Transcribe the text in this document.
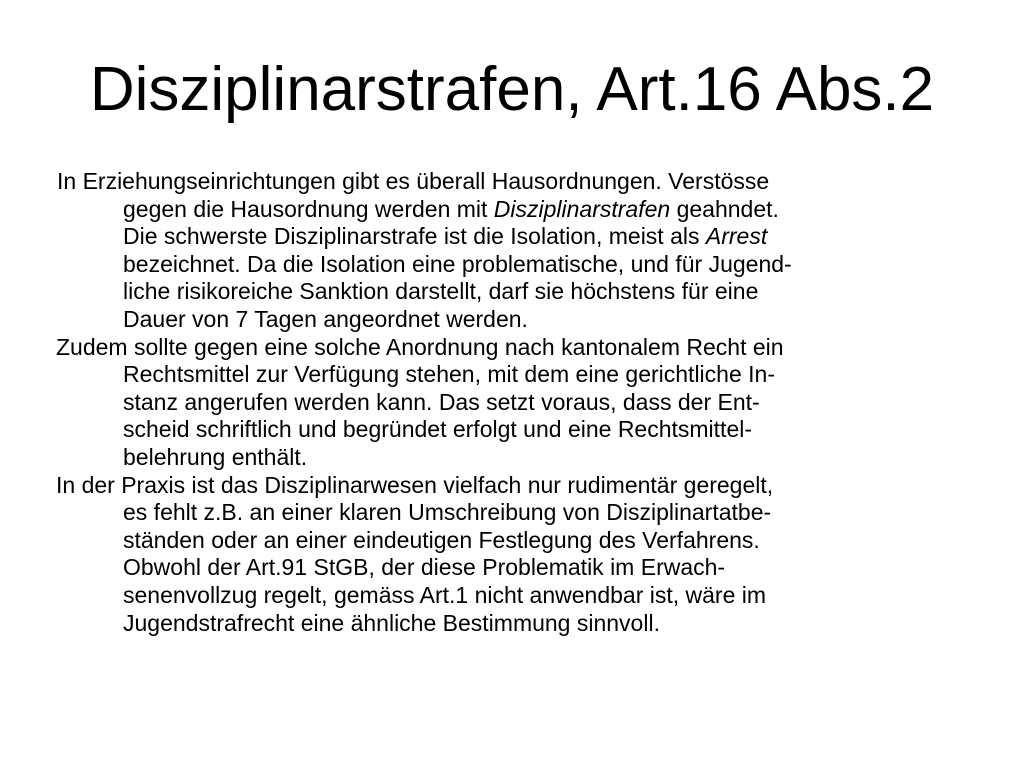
Disziplinarstrafen, Art.16 Abs.2

In Erziehungseinrichtungen gibt es überall Hausordnungen. Verstösse
gegen die Hausordnung werden mit Disziplinarstrafen geahndet.
Die schwerste Disziplinarstrafe ist die Isolation, meist als Arrest
bezeichnet. Da die Isolation eine problematische, und für Jugend-
liche risikoreiche Sanktion darstellt, darf sie höchstens für eine
Dauer von 7 Tagen angeordnet werden.

Zudem sollte gegen eine solche Anordnung nach kantonalem Recht ein
Rechtsmittel zur Verfügung stehen, mit dem eine gerichtliche In-
stanz angerufen werden kann. Das setzt voraus, dass der Ent-
scheid schriftlich und begründet erfolgt und eine Rechtsmittel-
belehrung enthält.

In der Praxis ist das Disziplinarwesen vielfach nur rudimentär geregelt,
es fehlt z.B. an einer klaren Umschreibung von Disziplinartatbe-
ständen oder an einer eindeutigen Festlegung des Verfahrens.
Obwohl der Art.91 StGB, der diese Problematik im Erwach-
senenvollzug regelt, gemäss Art.1 nicht anwendbar ist, wäre im
Jugendstrafrecht eine ähnliche Bestimmung sinnvoll.
